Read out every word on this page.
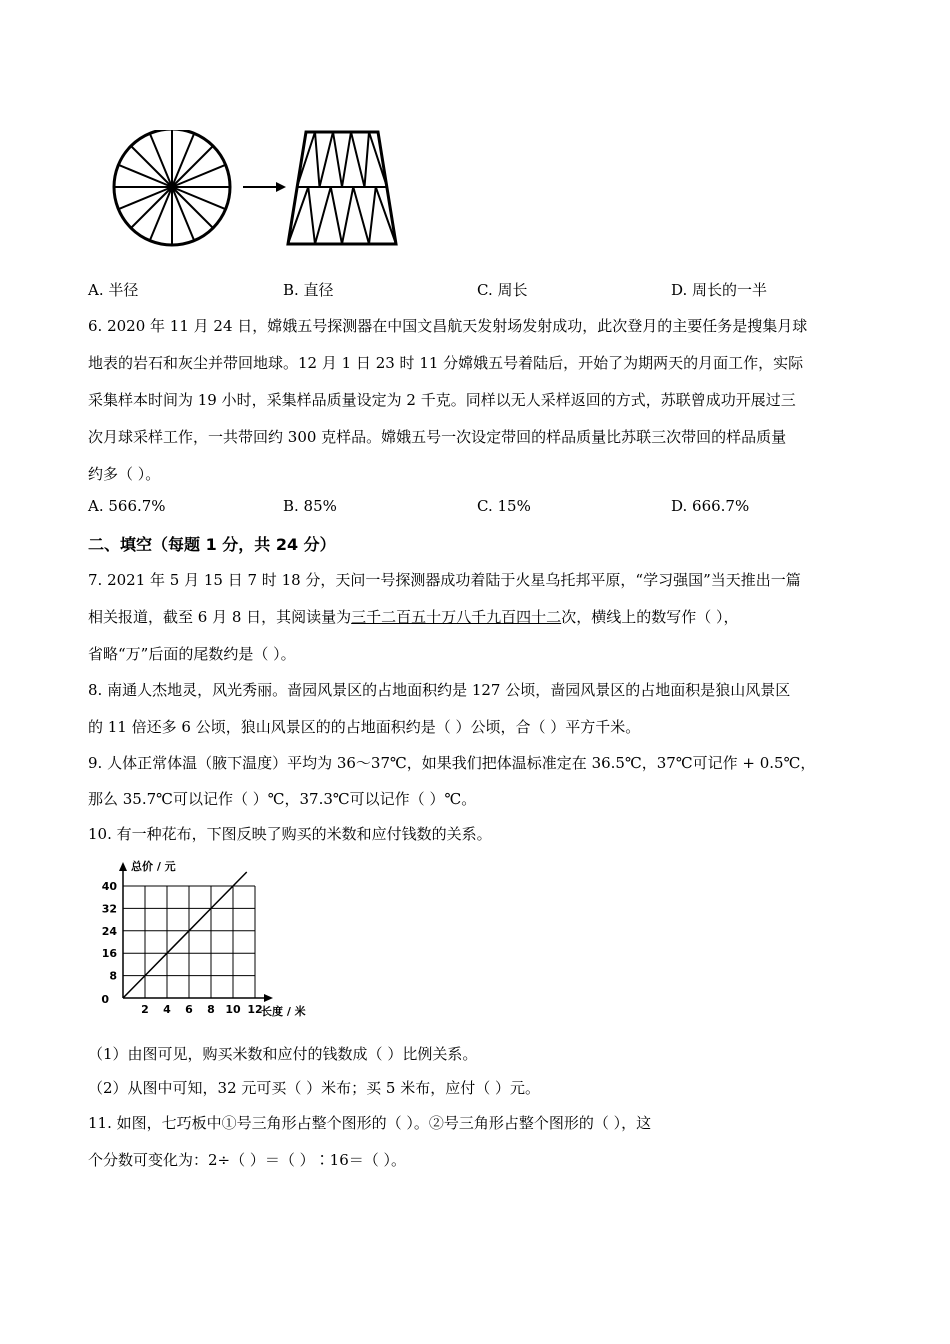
A. 半径	B. 直径	C. 周长	D. 周长的一半
6. 2020 年 11 月 24 日，嫦娥五号探测器在中国文昌航天发射场发射成功，此次登月的主要任务是搜集月球
地表的岩石和灰尘并带回地球。12 月 1 日 23 时 11 分嫦娥五号着陆后，开始了为期两天的月面工作，实际
采集样本时间为 19 小时，采集样品质量设定为 2 千克。同样以无人采样返回的方式，苏联曾成功开展过三
次月球采样工作，一共带回约 300 克样品。嫦娥五号一次设定带回的样品质量比苏联三次带回的样品质量
约多（ ）。
A. 566.7%	B. 85%	C. 15%	D. 666.7%
二、填空（每题 1 分，共 24 分）
7. 2021 年 5 月 15 日 7 时 18 分，天问一号探测器成功着陆于火星乌托邦平原，“学习强国”当天推出一篇
相关报道，截至 6 月 8 日，其阅读量为三千二百五十万八千九百四十二次，横线上的数写作（ ），
省略“万”后面的尾数约是（ ）。
8. 南通人杰地灵，风光秀丽。啬园风景区的占地面积约是 127 公顷，啬园风景区的占地面积是狼山风景区
的 11 倍还多 6 公顷，狼山风景区的的占地面积约是（ ）公顷，合（ ）平方千米。
9. 人体正常体温（腋下温度）平均为 36～37℃，如果我们把体温标准定在 36.5℃，37℃可记作 + 0.5℃，
那么 35.7℃可以记作（ ）℃，37.3℃可以记作（ ）℃。
10. 有一种花布，下图反映了购买的米数和应付钱数的关系。
8
16
24
32
40
2 4 6 8 10 12
0
总价 / 元
长度 / 米
（1）由图可见，购买米数和应付的钱数成（ ）比例关系。
（2）从图中可知，32 元可买（ ）米布；买 5 米布，应付（ ）元。
11. 如图，七巧板中①号三角形占整个图形的（ ）。②号三角形占整个图形的（ ），这
个分数可变化为：2÷（ ）＝（ ）∶16＝（ ）。
